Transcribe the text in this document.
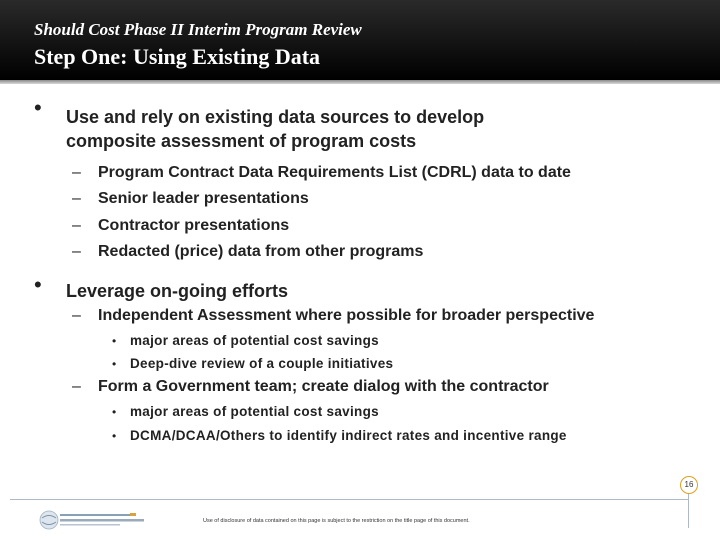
Should Cost Phase II Interim Program Review
Step One: Using Existing Data
• Use and rely on existing data sources to develop
composite assessment of program costs
– Program Contract Data Requirements List (CDRL) data to date
– Senior leader presentations
– Contractor presentations
– Redacted (price) data from other programs
• Leverage on-going efforts
– Independent Assessment where possible for broader perspective
• major areas of potential cost savings
• Deep-dive review of a couple initiatives
– Form a Government team; create dialog with the contractor
• major areas of potential cost savings
• DCMA/DCAA/Others to identify indirect rates and incentive range
16
Use of disclosure of data contained on this page is subject to the restriction on the title page of this document.
